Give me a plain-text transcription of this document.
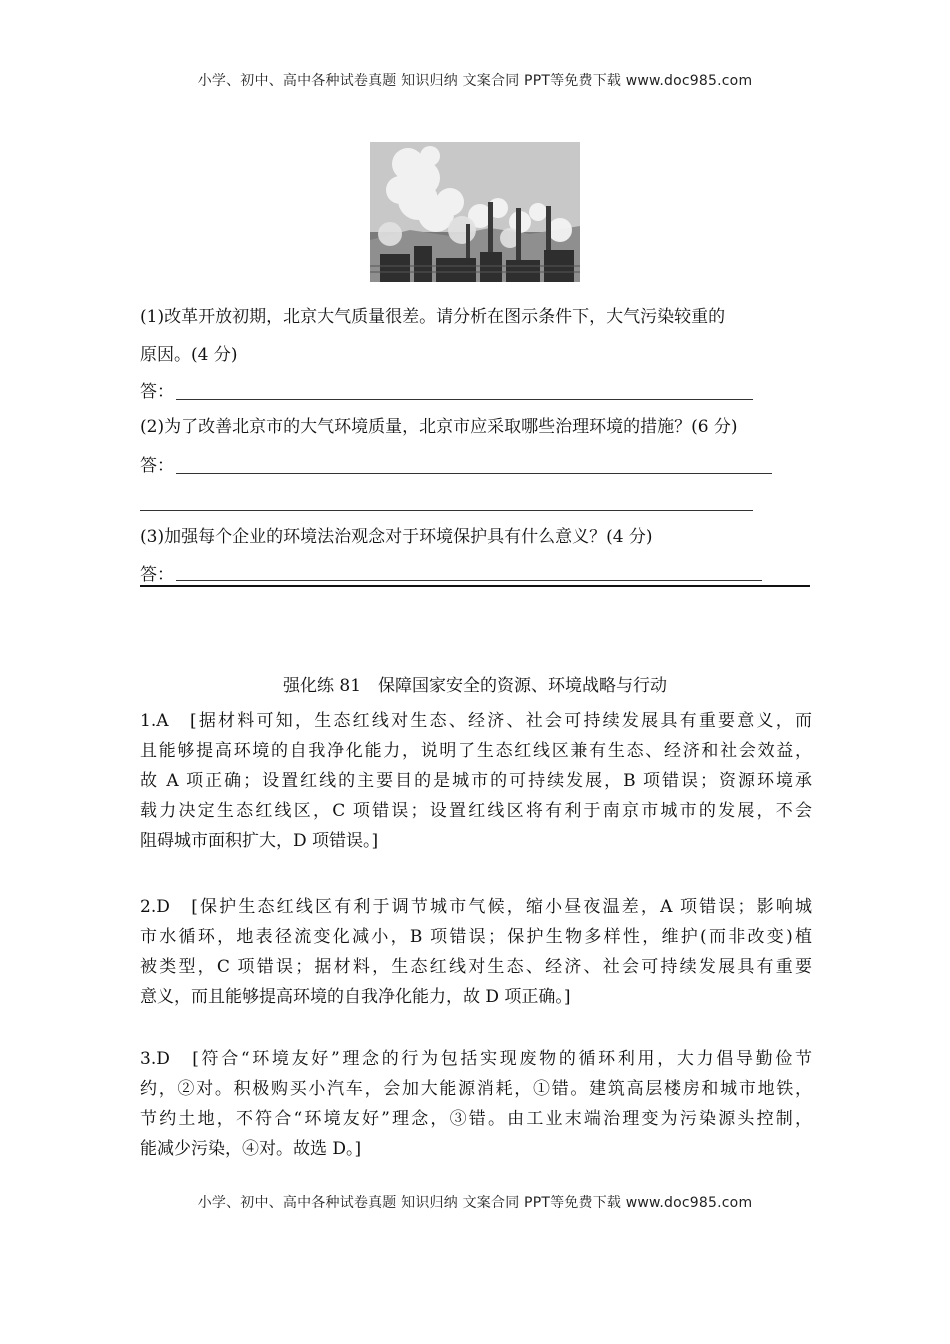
小学、初中、高中各种试卷真题 知识归纳 文案合同 PPT等免费下载 www.doc985.com
(1)改革开放初期，北京大气质量很差。请分析在图示条件下，大气污染较重的
原因。(4 分)
答：
(2)为了改善北京市的大气环境质量，北京市应采取哪些治理环境的措施？(6 分)
答：
(3)加强每个企业的环境法治观念对于环境保护具有什么意义？(4 分)
答：
强化练 81　保障国家安全的资源、环境战略与行动
1.A　[据材料可知，生态红线对生态、经济、社会可持续发展具有重要意义，而
且能够提高环境的自我净化能力，说明了生态红线区兼有生态、经济和社会效益，
故 A 项正确；设置红线的主要目的是城市的可持续发展，B 项错误；资源环境承
载力决定生态红线区，C 项错误；设置红线区将有利于南京市城市的发展，不会
阻碍城市面积扩大，D 项错误。]
2.D　[保护生态红线区有利于调节城市气候，缩小昼夜温差，A 项错误；影响城
市水循环，地表径流变化减小，B 项错误；保护生物多样性，维护(而非改变)植
被类型，C 项错误；据材料，生态红线对生态、经济、社会可持续发展具有重要
意义，而且能够提高环境的自我净化能力，故 D 项正确。]
3.D　[符合“环境友好”理念的行为包括实现废物的循环利用，大力倡导勤俭节
约，②对。积极购买小汽车，会加大能源消耗，①错。建筑高层楼房和城市地铁，
节约土地，不符合“环境友好”理念，③错。由工业末端治理变为污染源头控制，
能减少污染，④对。故选 D。]
小学、初中、高中各种试卷真题 知识归纳 文案合同 PPT等免费下载 www.doc985.com
